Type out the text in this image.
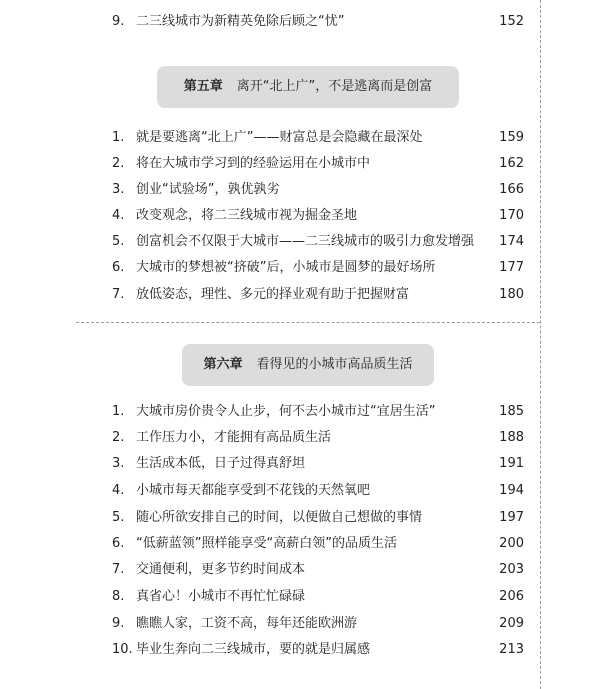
9. 二三线城市为新精英免除后顾之“忧”	152
第五章 离开“北上广”，不是逃离而是创富
1. 就是要逃离“北上广”——财富总是会隐藏在最深处	159
2. 将在大城市学习到的经验运用在小城市中	162
3. 创业“试验场”，孰优孰劣	166
4. 改变观念，将二三线城市视为掘金圣地	170
5. 创富机会不仅限于大城市——二三线城市的吸引力愈发增强 174
6. 大城市的梦想被“挤破”后，小城市是圆梦的最好场所	177
7. 放低姿态，理性、多元的择业观有助于把握财富	180
第六章 看得见的小城市高品质生活
1. 大城市房价贵令人止步，何不去小城市过“宜居生活”	185
2. 工作压力小，才能拥有高品质生活	188
3. 生活成本低，日子过得真舒坦	191
4. 小城市每天都能享受到不花钱的天然氧吧	194
5. 随心所欲安排自己的时间，以便做自己想做的事情	197
6. “低薪蓝领”照样能享受“高薪白领”的品质生活	200
7. 交通便利，更多节约时间成本	203
8. 真省心！小城市不再忙忙碌碌	206
9. 瞧瞧人家，工资不高，每年还能欧洲游	209
10. 毕业生奔向二三线城市，要的就是归属感	213
